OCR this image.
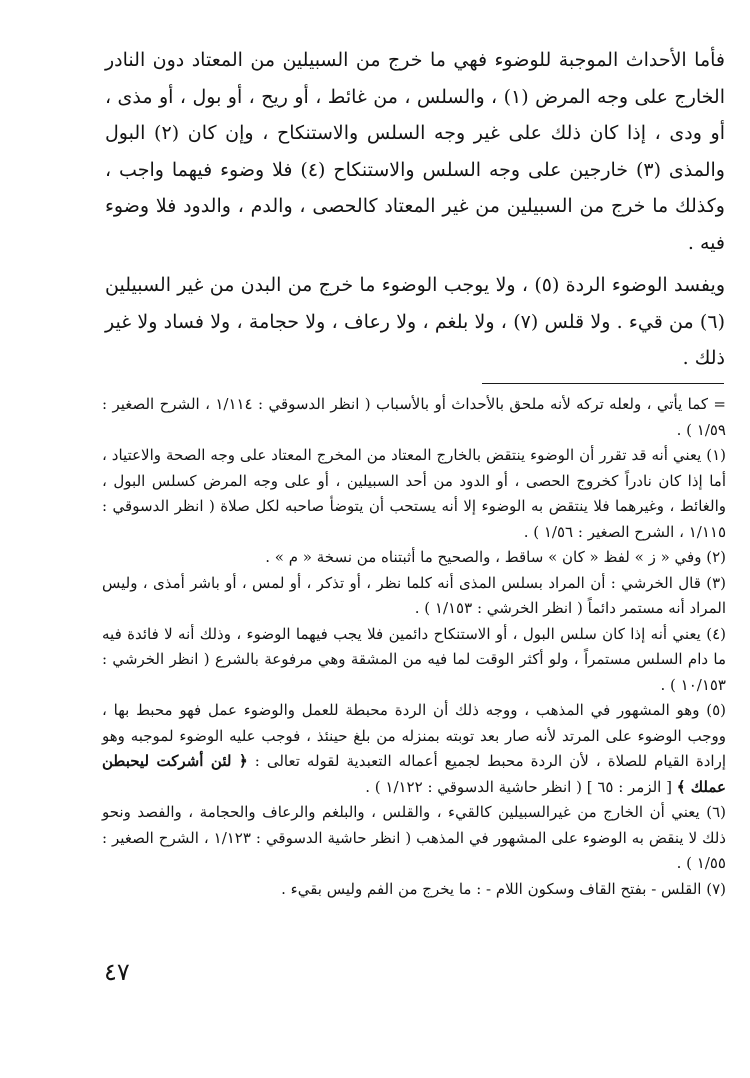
فأما الأحداث الموجبة للوضوء فهي ما خرج من السبيلين من المعتاد دون النادر الخارج على وجه المرض (١) ، والسلس ، من غائط ، أو ريح ، أو بول ، أو مذى ، أو ودى ، إذا كان ذلك على غير وجه السلس والاستنكاح ، وإن كان (٢) البول والمذى (٣) خارجين على وجه السلس والاستنكاح (٤) فلا وضوء فيهما واجب ، وكذلك ما خرج من السبيلين من غير المعتاد كالحصى ، والدم ، والدود فلا وضوء فيه .

ويفسد الوضوء الردة (٥) ، ولا يوجب الوضوء ما خرج من البدن من غير السبيلين (٦) من قيء . ولا قلس (٧) ، ولا بلغم ، ولا رعاف ، ولا حجامة ، ولا فساد ولا غير ذلك .

= كما يأتي ، ولعله تركه لأنه ملحق بالأحداث أو بالأسباب ( انظر الدسوقي : ١/١١٤ ، الشرح الصغير : ١/٥٩ ) .

(١) يعني أنه قد تقرر أن الوضوء ينتقض بالخارج المعتاد من المخرج المعتاد على وجه الصحة والاعتياد ، أما إذا كان نادراً كخروج الحصى ، أو الدود من أحد السبيلين ، أو على وجه المرض كسلس البول ، والغائط ، وغيرهما فلا ينتقض به الوضوء إلا أنه يستحب أن يتوضأ صاحبه لكل صلاة ( انظر الدسوقي : ١/١١٥ ، الشرح الصغير : ١/٥٦ ) .

(٢) وفي « ز » لفظ « كان » ساقط ، والصحيح ما أثبتناه من نسخة « م » .

(٣) قال الخرشي : أن المراد بسلس المذى أنه كلما نظر ، أو تذكر ، أو لمس ، أو باشر أمذى ، وليس المراد أنه مستمر دائماً ( انظر الخرشي : ١/١٥٣ ) .

(٤) يعني أنه إذا كان سلس البول ، أو الاستنكاح دائمين فلا يجب فيهما الوضوء ، وذلك أنه لا فائدة فيه ما دام السلس مستمراً ، ولو أكثر الوقت لما فيه من المشقة وهي مرفوعة بالشرع ( انظر الخرشي : ١٠/١٥٣ ) .

(٥) وهو المشهور في المذهب ، ووجه ذلك أن الردة محبطة للعمل والوضوء عمل فهو محبط بها ، ووجب الوضوء على المرتد لأنه صار بعد توبته بمنزله من بلغ حينئذ ، فوجب عليه الوضوء لموجبه وهو إرادة القيام للصلاة ، لأن الردة محبط لجميع أعماله التعبدية لقوله تعالى : ﴿ لئن أشركت ليحبطن عملك ﴾ [ الزمر : ٦٥ ] ( انظر حاشية الدسوقي : ١/١٢٢ ) .

(٦) يعني أن الخارج من غيرالسبيلين كالقيء ، والقلس ، والبلغم والرعاف والحجامة ، والفصد ونحو ذلك لا ينقض به الوضوء على المشهور في المذهب ( انظر حاشية الدسوقي : ١/١٢٣ ، الشرح الصغير : ١/٥٥ ) .

(٧) القلس - بفتح القاف وسكون اللام - : ما يخرج من الفم وليس بقيء .

٤٧
